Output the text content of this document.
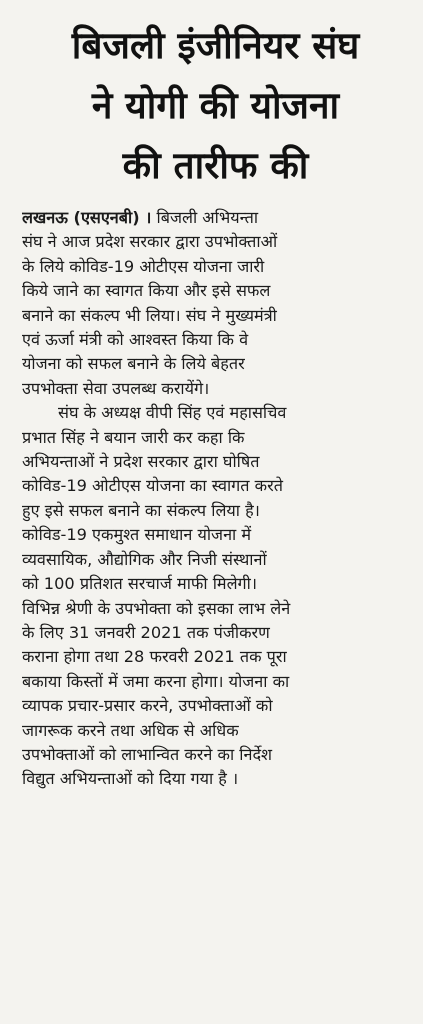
बिजली इंजीनियर संघ
ने योगी की योजना
की तारीफ की
लखनऊ (एसएनबी) । बिजली अभियन्ता
संघ ने आज प्रदेश सरकार द्वारा उपभोक्ताओं
के लिये कोविड-19 ओटीएस योजना जारी
किये जाने का स्वागत किया और इसे सफल
बनाने का संकल्प भी लिया। संघ ने मुख्यमंत्री
एवं ऊर्जा मंत्री को आश्वस्त किया कि वे
योजना को सफल बनाने के लिये बेहतर
उपभोक्ता सेवा उपलब्ध करायेंगे।
संघ के अध्यक्ष वीपी सिंह एवं महासचिव
प्रभात सिंह ने बयान जारी कर कहा कि
अभियन्ताओं ने प्रदेश सरकार द्वारा घोषित
कोविड-19 ओटीएस योजना का स्वागत करते
हुए इसे सफल बनाने का संकल्प लिया है।
कोविड-19 एकमुश्त समाधान योजना में
व्यवसायिक, औद्योगिक और निजी संस्थानों
को 100 प्रतिशत सरचार्ज माफी मिलेगी।
विभिन्न श्रेणी के उपभोक्ता को इसका लाभ लेने
के लिए 31 जनवरी 2021 तक पंजीकरण
कराना होगा तथा 28 फरवरी 2021 तक पूरा
बकाया किस्तों में जमा करना होगा। योजना का
व्यापक प्रचार-प्रसार करने, उपभोक्ताओं को
जागरूक करने तथा अधिक से अधिक
उपभोक्ताओं को लाभान्वित करने का निर्देश
विद्युत अभियन्ताओं को दिया गया है ।
